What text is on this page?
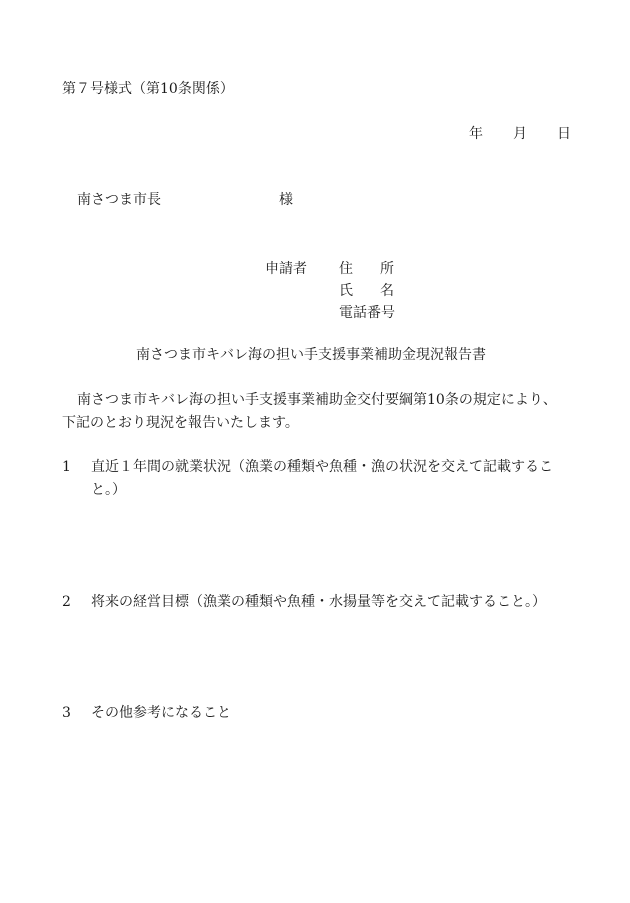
第７号様式（第10条関係）
年 月 日
南さつま市長	様
申請者 住 所
氏 名
電話番号
南さつま市キバレ海の担い手支援事業補助金現況報告書
南さつま市キバレ海の担い手支援事業補助金交付要綱第10条の規定により、
下記のとおり現況を報告いたします。
1 直近１年間の就業状況（漁業の種類や魚種・漁の状況を交えて記載するこ
と。）
2 将来の経営目標（漁業の種類や魚種・水揚量等を交えて記載すること。）
3 その他参考になること
